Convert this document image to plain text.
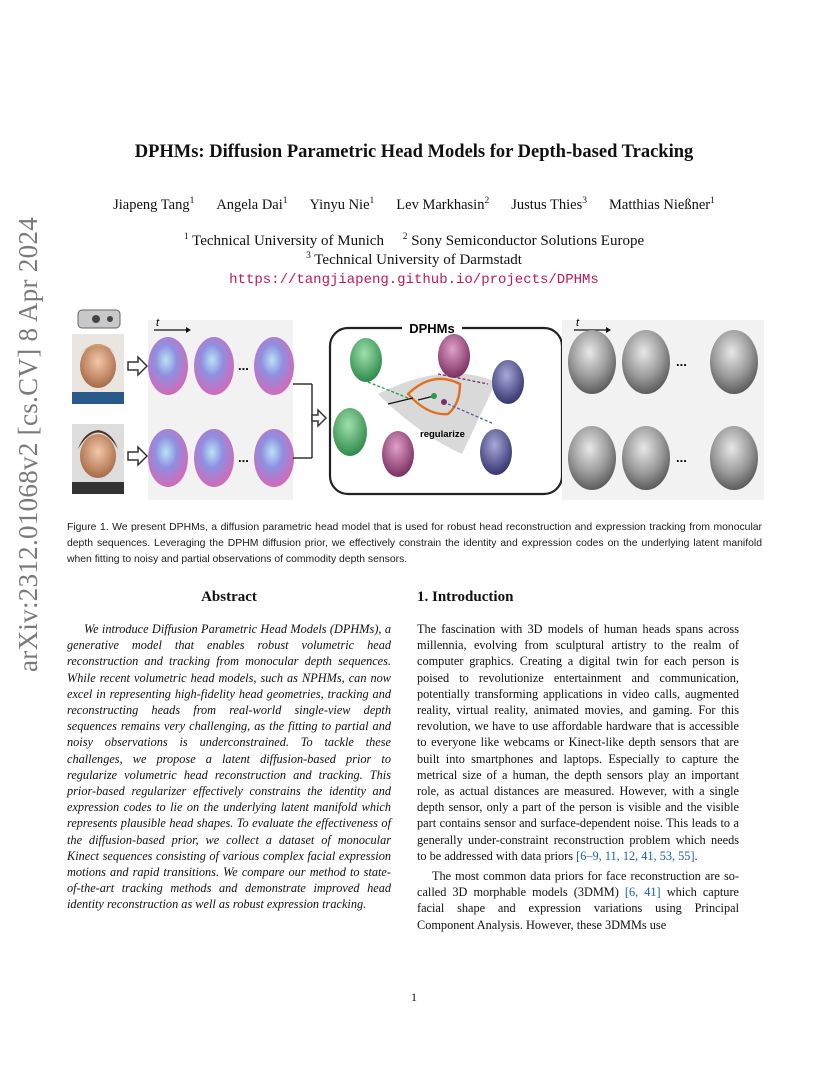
arXiv:2312.01068v2 [cs.CV] 8 Apr 2024
DPHMs: Diffusion Parametric Head Models for Depth-based Tracking
Jiapeng Tang$^1$ Angela Dai$^1$ Yinyu Nie$^1$ Lev Markhasin$^2$ Justus Thies$^3$ Matthias Nießner$^1$
$^1$ Technical University of Munich $^2$ Sony Semiconductor Solutions Europe
$^3$ Technical University of Darmstadt
https://tangjiapeng.github.io/projects/DPHMs
t
...
...
DPHMs
regularize
t
...
...
Figure 1. We present DPHMs, a diffusion parametric head model that is used for robust head reconstruction and expression tracking from monocular depth sequences. Leveraging the DPHM diffusion prior, we effectively constrain the identity and expression codes on the underlying latent manifold when fitting to noisy and partial observations of commodity depth sensors.
Abstract

We introduce Diffusion Parametric Head Models (DPHMs), a generative model that enables robust volumetric head reconstruction and tracking from monocular depth sequences. While recent volumetric head models, such as NPHMs, can now excel in representing high-fidelity head geometries, tracking and reconstructing heads from real-world single-view depth sequences remains very challenging, as the fitting to partial and noisy observations is underconstrained. To tackle these challenges, we propose a latent diffusion-based prior to regularize volumetric head reconstruction and tracking. This prior-based regularizer effectively constrains the identity and expression codes to lie on the underlying latent manifold which represents plausible head shapes. To evaluate the effectiveness of the diffusion-based prior, we collect a dataset of monocular Kinect sequences consisting of various complex facial expression motions and rapid transitions. We compare our method to state-of-the-art tracking methods and demonstrate improved head identity reconstruction as well as robust expression tracking.

1. Introduction

The fascination with 3D models of human heads spans across millennia, evolving from sculptural artistry to the realm of computer graphics. Creating a digital twin for each person is poised to revolutionize entertainment and communication, potentially transforming applications in video calls, augmented reality, virtual reality, animated movies, and gaming. For this revolution, we have to use affordable hardware that is accessible to everyone like webcams or Kinect-like depth sensors that are built into smartphones and laptops. Especially to capture the metrical size of a human, the depth sensors play an important role, as actual distances are measured. However, with a single depth sensor, only a part of the person is visible and the visible part contains sensor and surface-dependent noise. This leads to a generally under-constraint reconstruction problem which needs to be addressed with data priors [6–9, 11, 12, 41, 53, 55].

The most common data priors for face reconstruction are so-called 3D morphable models (3DMM) [6, 41] which capture facial shape and expression variations using Principal Component Analysis. However, these 3DMMs use

1
